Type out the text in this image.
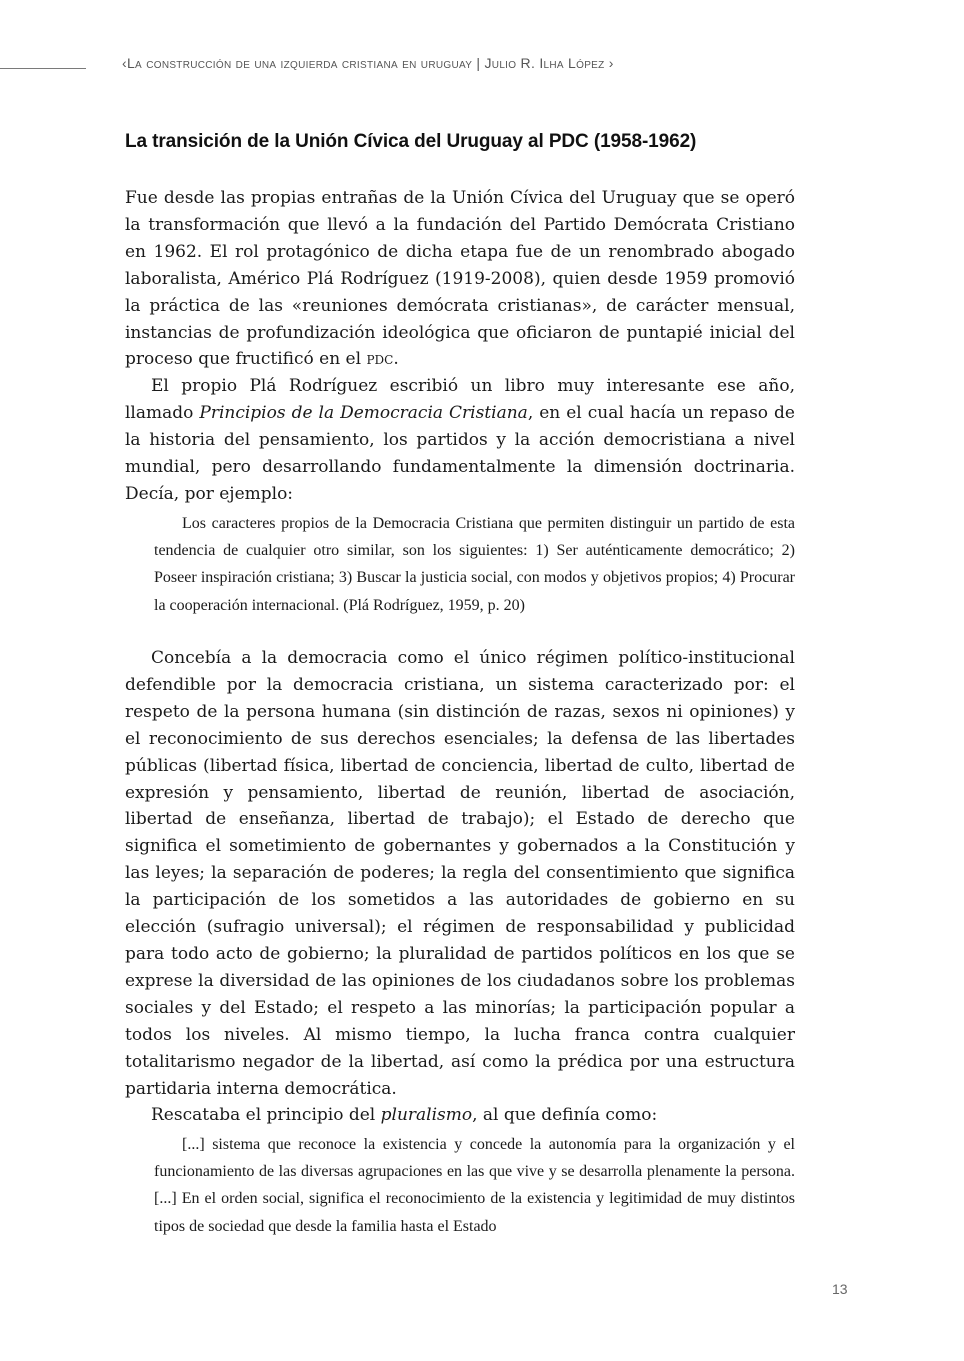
‹La construcción de una izquierda cristiana en uruguay | Julio R. Ilha López ›
La transición de la Unión Cívica del Uruguay al PDC (1958-1962)

Fue desde las propias entrañas de la Unión Cívica del Uruguay que se operó la transformación que llevó a la fundación del Partido Demócrata Cristiano en 1962. El rol protagónico de dicha etapa fue de un renombrado abogado laboralista, Américo Plá Rodríguez (1919-2008), quien desde 1959 promovió la práctica de las «reuniones demócrata cristianas», de carácter mensual, instancias de profundización ideológica que oficiaron de puntapié inicial del proceso que fructificó en el pdc.

El propio Plá Rodríguez escribió un libro muy interesante ese año, llamado Principios de la Democracia Cristiana, en el cual hacía un repaso de la historia del pensamiento, los partidos y la acción democristiana a nivel mundial, pero desarrollando fundamentalmente la dimensión doctrinaria. Decía, por ejemplo:

Los caracteres propios de la Democracia Cristiana que permiten distinguir un partido de esta tendencia de cualquier otro similar, son los siguientes: 1) Ser auténticamente democrático; 2) Poseer inspiración cristiana; 3) Buscar la justicia social, con modos y objetivos propios; 4) Procurar la cooperación internacional. (Plá Rodríguez, 1959, p. 20)

Concebía a la democracia como el único régimen político-institucional defendible por la democracia cristiana, un sistema caracterizado por: el respeto de la persona humana (sin distinción de razas, sexos ni opiniones) y el reconocimiento de sus derechos esenciales; la defensa de las libertades públicas (libertad física, libertad de conciencia, libertad de culto, libertad de expresión y pensamiento, libertad de reunión, libertad de asociación, libertad de enseñanza, libertad de trabajo); el Estado de derecho que significa el sometimiento de gobernantes y gobernados a la Constitución y las leyes; la separación de poderes; la regla del consentimiento que significa la participación de los sometidos a las autoridades de gobierno en su elección (sufragio universal); el régimen de responsabilidad y publicidad para todo acto de gobierno; la pluralidad de partidos políticos en los que se exprese la diversidad de las opiniones de los ciudadanos sobre los problemas sociales y del Estado; el respeto a las minorías; la participación popular a todos los niveles. Al mismo tiempo, la lucha franca contra cualquier totalitarismo negador de la libertad, así como la prédica por una estructura partidaria interna democrática.

Rescataba el principio del pluralismo, al que definía como:

[...] sistema que reconoce la existencia y concede la autonomía para la organización y el funcionamiento de las diversas agrupaciones en las que vive y se desarrolla plenamente la persona. [...] En el orden social, significa el reconocimiento de la existencia y legitimidad de muy distintos tipos de sociedad que desde la familia hasta el Estado

13
